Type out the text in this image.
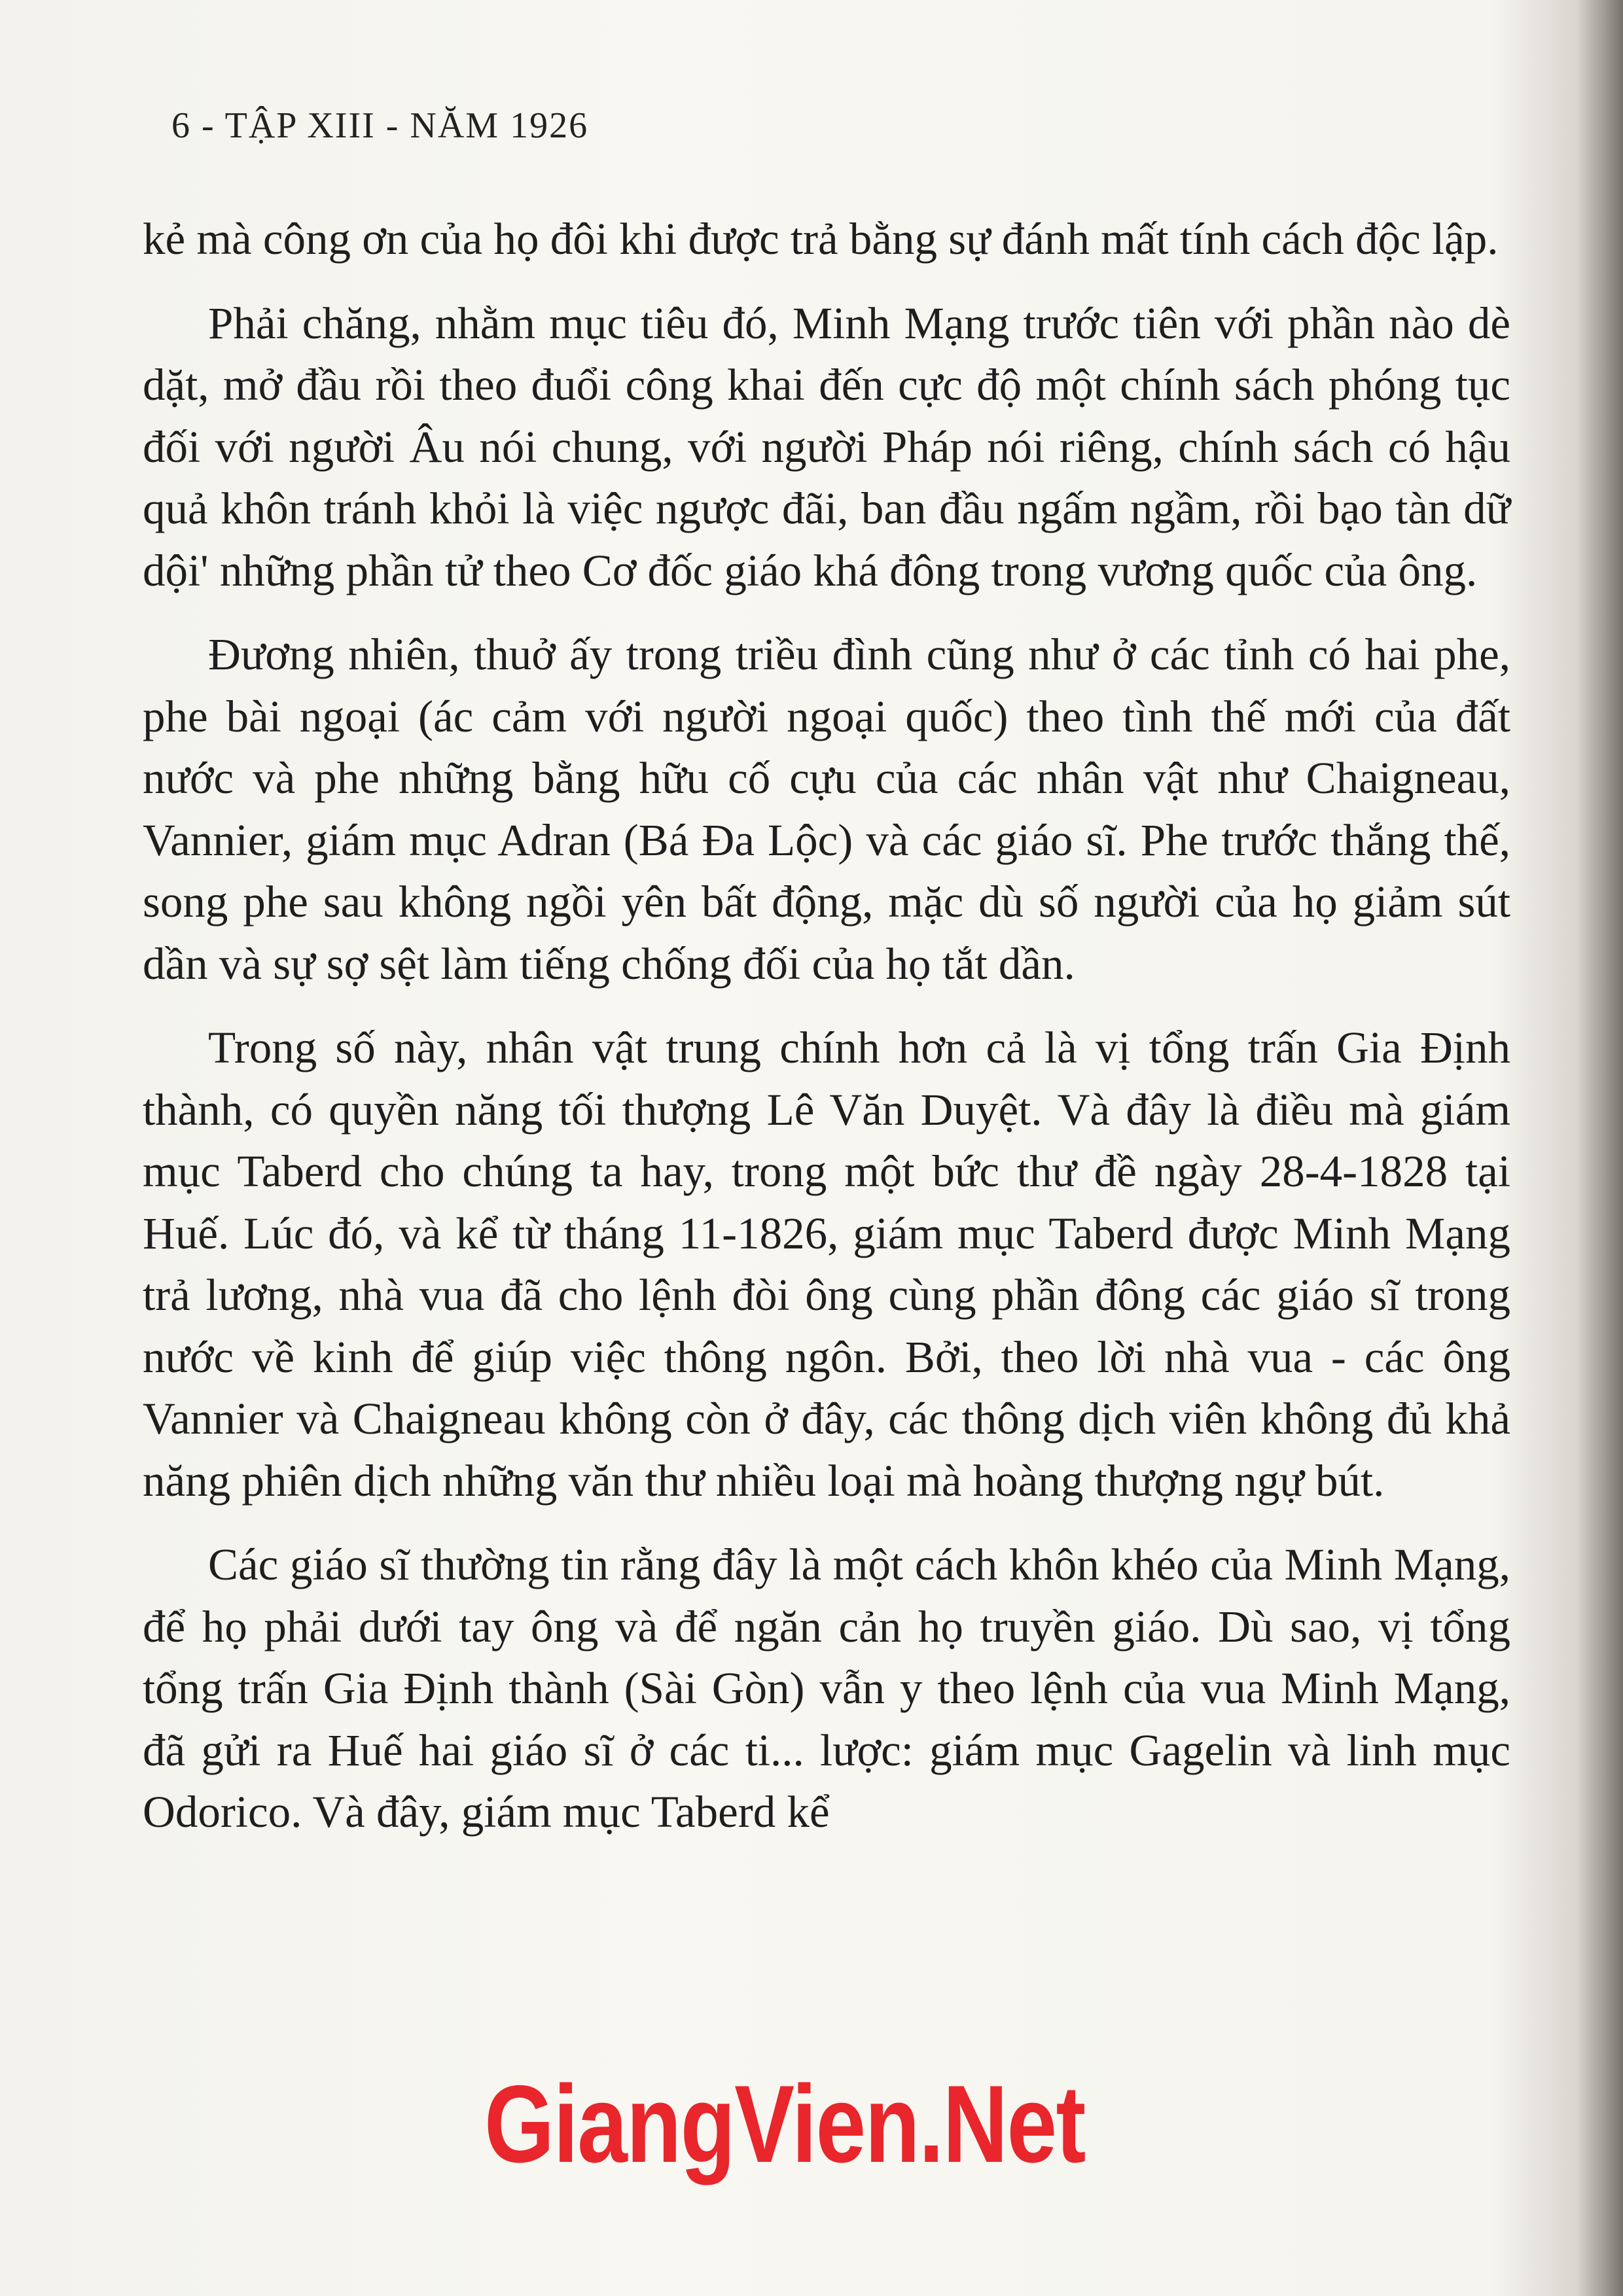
6 - TẬP XIII - NĂM 1926

kẻ mà công ơn của họ đôi khi được trả bằng sự đánh mất tính cách độc lập.

Phải chăng, nhằm mục tiêu đó, Minh Mạng trước tiên với phần nào dè dặt, mở đầu rồi theo đuổi công khai đến cực độ một chính sách phóng tục đối với người Âu nói chung, với người Pháp nói riêng, chính sách có hậu quả khôn tránh khỏi là việc ngược đãi, ban đầu ngấm ngầm, rồi bạo tàn dữ dội' những phần tử theo Cơ đốc giáo khá đông trong vương quốc của ông.

Đương nhiên, thuở ấy trong triều đình cũng như ở các tỉnh có hai phe, phe bài ngoại (ác cảm với người ngoại quốc) theo tình thế mới của đất nước và phe những bằng hữu cố cựu của các nhân vật như Chaigneau, Vannier, giám mục Adran (Bá Đa Lộc) và các giáo sĩ. Phe trước thắng thế, song phe sau không ngồi yên bất động, mặc dù số người của họ giảm sút dần và sự sợ sệt làm tiếng chống đối của họ tắt dần.

Trong số này, nhân vật trung chính hơn cả là vị tổng trấn Gia Định thành, có quyền năng tối thượng Lê Văn Duyệt. Và đây là điều mà giám mục Taberd cho chúng ta hay, trong một bức thư đề ngày 28-4-1828 tại Huế. Lúc đó, và kể từ tháng 11-1826, giám mục Taberd được Minh Mạng trả lương, nhà vua đã cho lệnh đòi ông cùng phần đông các giáo sĩ trong nước về kinh để giúp việc thông ngôn. Bởi, theo lời nhà vua - các ông Vannier và Chaigneau không còn ở đây, các thông dịch viên không đủ khả năng phiên dịch những văn thư nhiều loại mà hoàng thượng ngự bút.

Các giáo sĩ thường tin rằng đây là một cách khôn khéo của Minh Mạng, để họ phải dưới tay ông và để ngăn cản họ truyền giáo. Dù sao, vị tổng tổng trấn Gia Định thành (Sài Gòn) vẫn y theo lệnh của vua Minh Mạng, đã gửi ra Huế hai giáo sĩ ở các ti... lược: giám mục Gagelin và linh mục Odorico. Và đây, giám mục Taberd kể

GiangVien.Net
